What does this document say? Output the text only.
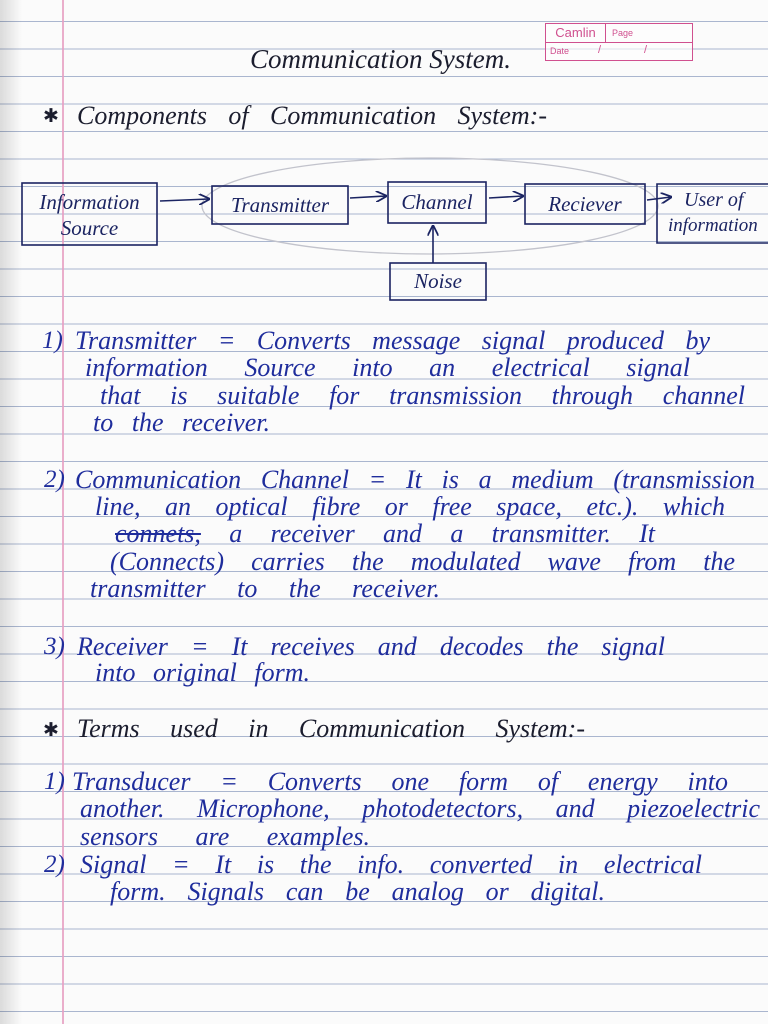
Camlin	Page
Date	/	/
Communication System.
✱
Components of Communication System:-
Information
Source
Transmitter	Channel	Reciever	User of
information
Noise
1) Transmitter = Converts message signal produced by
information Source into an electrical signal
that is suitable for transmission through channel
to the receiver.
2) Communication Channel = It is a medium (transmission
line, an optical fibre or free space, etc.). which
connets, a receiver and a transmitter. It
(Connects) carries the modulated wave from the
transmitter to the receiver.
3) Receiver = It receives and decodes the signal
into original form.
✱
Terms used in Communication System:-
1) Transducer = Converts one form of energy into
another. Microphone, photodetectors, and piezoelectric
sensors are examples.
2) Signal = It is the info. converted in electrical
form. Signals can be analog or digital.
